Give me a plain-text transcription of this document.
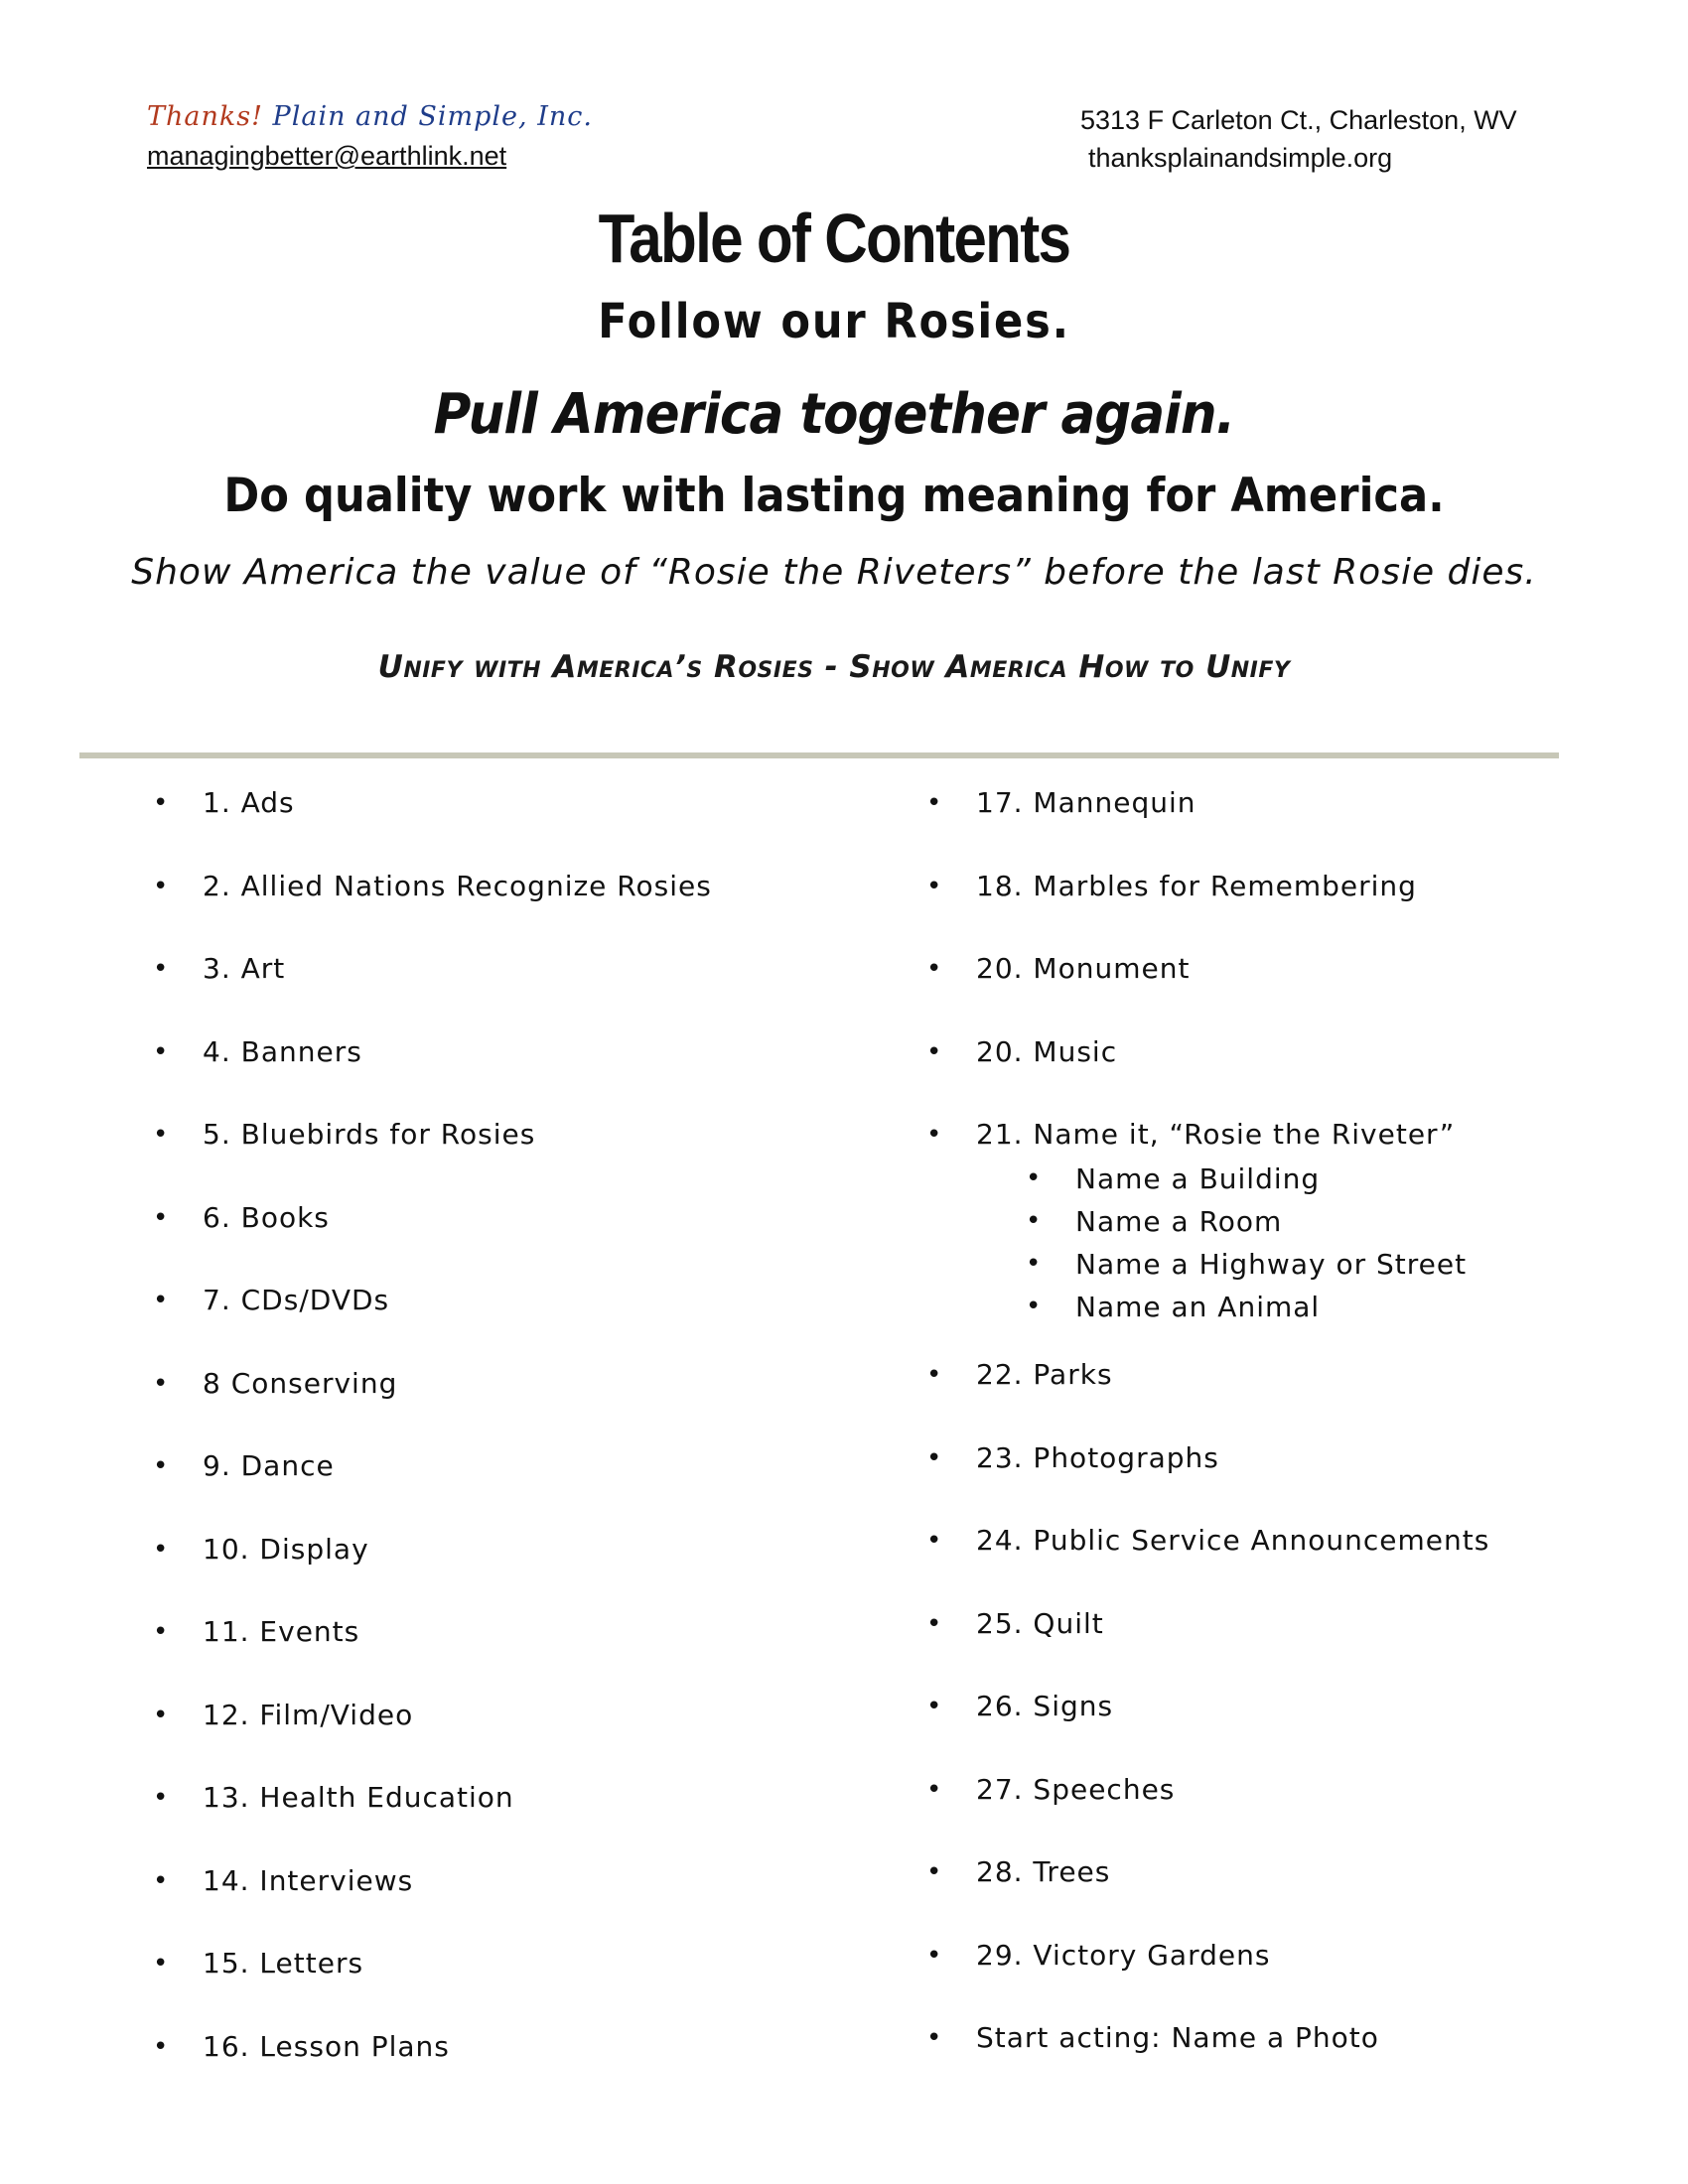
Thanks! Plain and Simple, Inc.
managingbetter@earthlink.net
5313 F Carleton Ct., Charleston, WV
thanksplainandsimple.org
Table of Contents
Follow our Rosies.
Pull America together again.
Do quality work with lasting meaning for America.
Show America the value of “Rosie the Riveters” before the last Rosie dies.
Unify with America’s Rosies - Show America How to Unify
• 1. Ads
• 2. Allied Nations Recognize Rosies
• 3. Art
• 4. Banners
• 5. Bluebirds for Rosies
• 6. Books
• 7. CDs/DVDs
• 8 Conserving
• 9. Dance
• 10. Display
• 11. Events
• 12. Film/Video
• 13. Health Education
• 14. Interviews
• 15. Letters
• 16. Lesson Plans
• 17. Mannequin
• 18. Marbles for Remembering
• 20. Monument
• 20. Music
• 21. Name it, “Rosie the Riveter”
• Name a Building
• Name a Room
• Name a Highway or Street
• Name an Animal
• 22. Parks
• 23. Photographs
• 24. Public Service Announcements
• 25. Quilt
• 26. Signs
• 27. Speeches
• 28. Trees
• 29. Victory Gardens
• Start acting: Name a Photo
